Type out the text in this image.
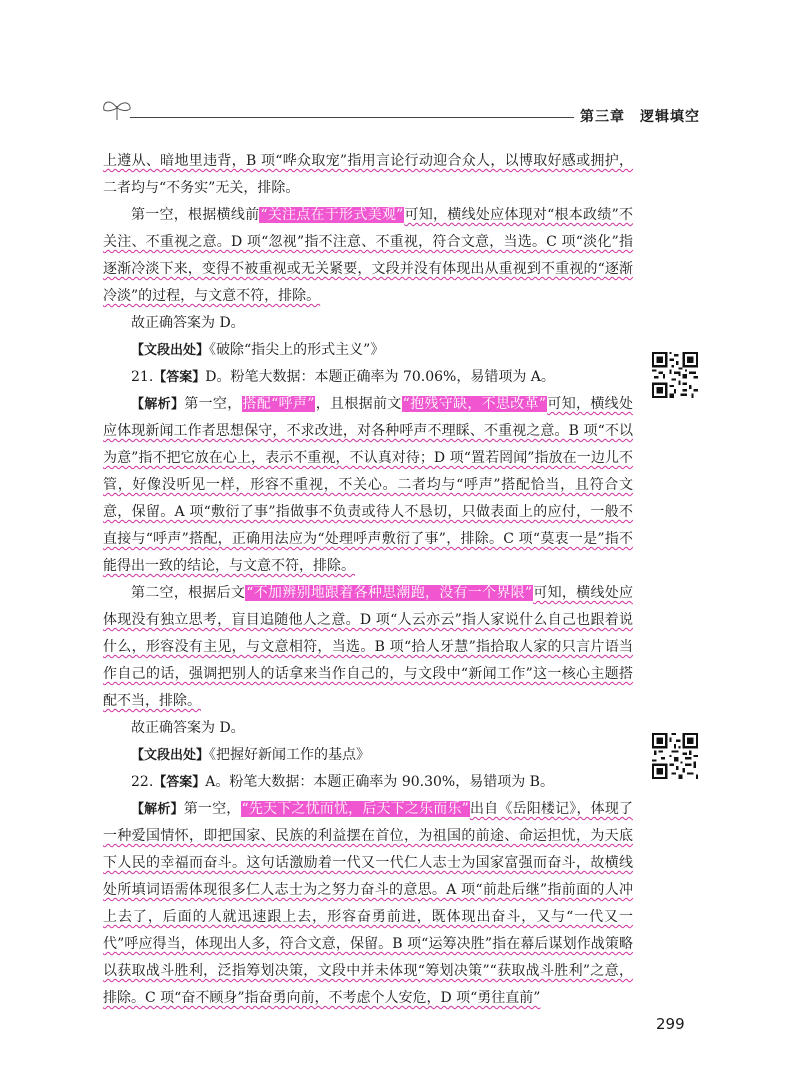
第三章　逻辑填空

上遵从、暗地里违背，B 项“哗众取宠”指用言论行动迎合众人，以博取好感或拥护，二者均与“不务实”无关，排除。

第一空，根据横线前“关注点在于形式美观”可知，横线处应体现对“根本政绩”不关注、不重视之意。D 项“忽视”指不注意、不重视，符合文意，当选。C 项“淡化”指逐渐冷淡下来，变得不被重视或无关紧要，文段并没有体现出从重视到不重视的“逐渐冷淡”的过程，与文意不符，排除。

故正确答案为 D。

【文段出处】《破除“指尖上的形式主义”》

21.【答案】D。粉笔大数据：本题正确率为 70.06%，易错项为 A。

【解析】第一空，搭配“呼声”，且根据前文“抱残守缺，不思改革”可知，横线处应体现新闻工作者思想保守，不求改进，对各种呼声不理睬、不重视之意。B 项“不以为意”指不把它放在心上，表示不重视，不认真对待；D 项“置若罔闻”指放在一边儿不管，好像没听见一样，形容不重视，不关心。二者均与“呼声”搭配恰当，且符合文意，保留。A 项“敷衍了事”指做事不负责或待人不恳切，只做表面上的应付，一般不直接与“呼声”搭配，正确用法应为“处理呼声敷衍了事”，排除。C 项“莫衷一是”指不能得出一致的结论，与文意不符，排除。

第二空，根据后文“不加辨别地跟着各种思潮跑，没有一个界限”可知，横线处应体现没有独立思考，盲目追随他人之意。D 项“人云亦云”指人家说什么自己也跟着说什么，形容没有主见，与文意相符，当选。B 项“拾人牙慧”指拾取人家的只言片语当作自己的话，强调把别人的话拿来当作自己的，与文段中“新闻工作”这一核心主题搭配不当，排除。

故正确答案为 D。

【文段出处】《把握好新闻工作的基点》

22.【答案】A。粉笔大数据：本题正确率为 90.30%，易错项为 B。

【解析】第一空，“先天下之忧而忧，后天下之乐而乐”出自《岳阳楼记》，体现了一种爱国情怀，即把国家、民族的利益摆在首位，为祖国的前途、命运担忧，为天底下人民的幸福而奋斗。这句话激励着一代又一代仁人志士为国家富强而奋斗，故横线处所填词语需体现很多仁人志士为之努力奋斗的意思。A 项“前赴后继”指前面的人冲上去了，后面的人就迅速跟上去，形容奋勇前进，既体现出奋斗，又与“一代又一代”呼应得当，体现出人多，符合文意，保留。B 项“运筹决胜”指在幕后谋划作战策略以获取战斗胜利，泛指筹划决策，文段中并未体现“筹划决策”“获取战斗胜利”之意，排除。C 项“奋不顾身”指奋勇向前，不考虑个人安危，D 项“勇往直前”

299
